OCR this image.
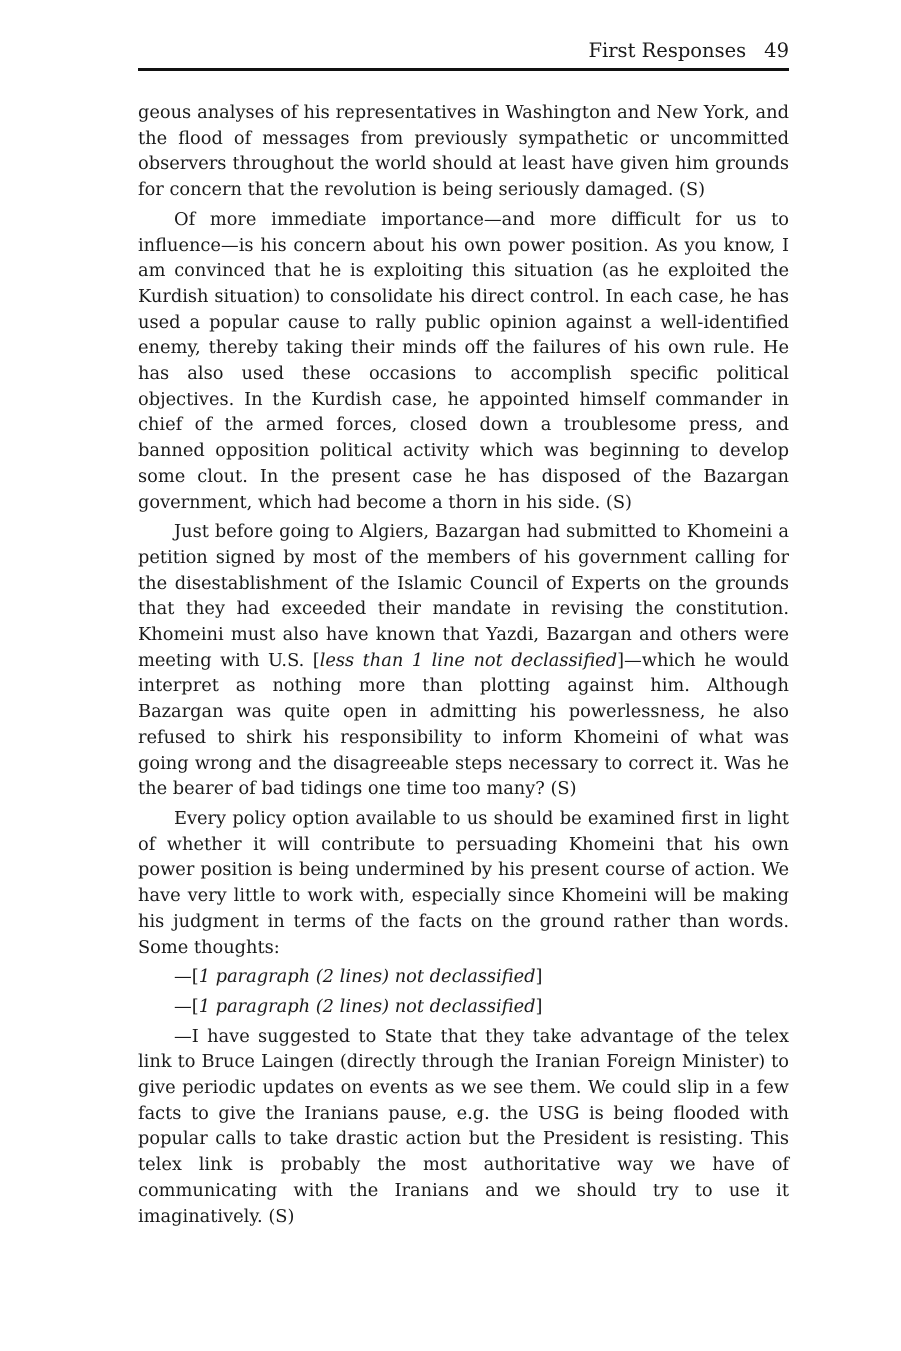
First Responses 49

geous analyses of his representatives in Washington and New York, and the flood of messages from previously sympathetic or uncommitted observers throughout the world should at least have given him grounds for concern that the revolution is being seriously damaged. (S)

Of more immediate importance—and more difficult for us to influence—is his concern about his own power position. As you know, I am convinced that he is exploiting this situation (as he exploited the Kurdish situation) to consolidate his direct control. In each case, he has used a popular cause to rally public opinion against a well-identified enemy, thereby taking their minds off the failures of his own rule. He has also used these occasions to accomplish specific political objectives. In the Kurdish case, he appointed himself commander in chief of the armed forces, closed down a troublesome press, and banned opposition political activity which was beginning to develop some clout. In the present case he has disposed of the Bazargan government, which had become a thorn in his side. (S)

Just before going to Algiers, Bazargan had submitted to Khomeini a petition signed by most of the members of his government calling for the disestablishment of the Islamic Council of Experts on the grounds that they had exceeded their mandate in revising the constitution. Khomeini must also have known that Yazdi, Bazargan and others were meeting with U.S. [less than 1 line not declassified]—which he would interpret as nothing more than plotting against him. Although Bazargan was quite open in admitting his powerlessness, he also refused to shirk his responsibility to inform Khomeini of what was going wrong and the disagreeable steps necessary to correct it. Was he the bearer of bad tidings one time too many? (S)

Every policy option available to us should be examined first in light of whether it will contribute to persuading Khomeini that his own power position is being undermined by his present course of action. We have very little to work with, especially since Khomeini will be making his judgment in terms of the facts on the ground rather than words. Some thoughts:

—[1 paragraph (2 lines) not declassified]

—[1 paragraph (2 lines) not declassified]

—I have suggested to State that they take advantage of the telex link to Bruce Laingen (directly through the Iranian Foreign Minister) to give periodic updates on events as we see them. We could slip in a few facts to give the Iranians pause, e.g. the USG is being flooded with popular calls to take drastic action but the President is resisting. This telex link is probably the most authoritative way we have of communicating with the Iranians and we should try to use it imaginatively. (S)
